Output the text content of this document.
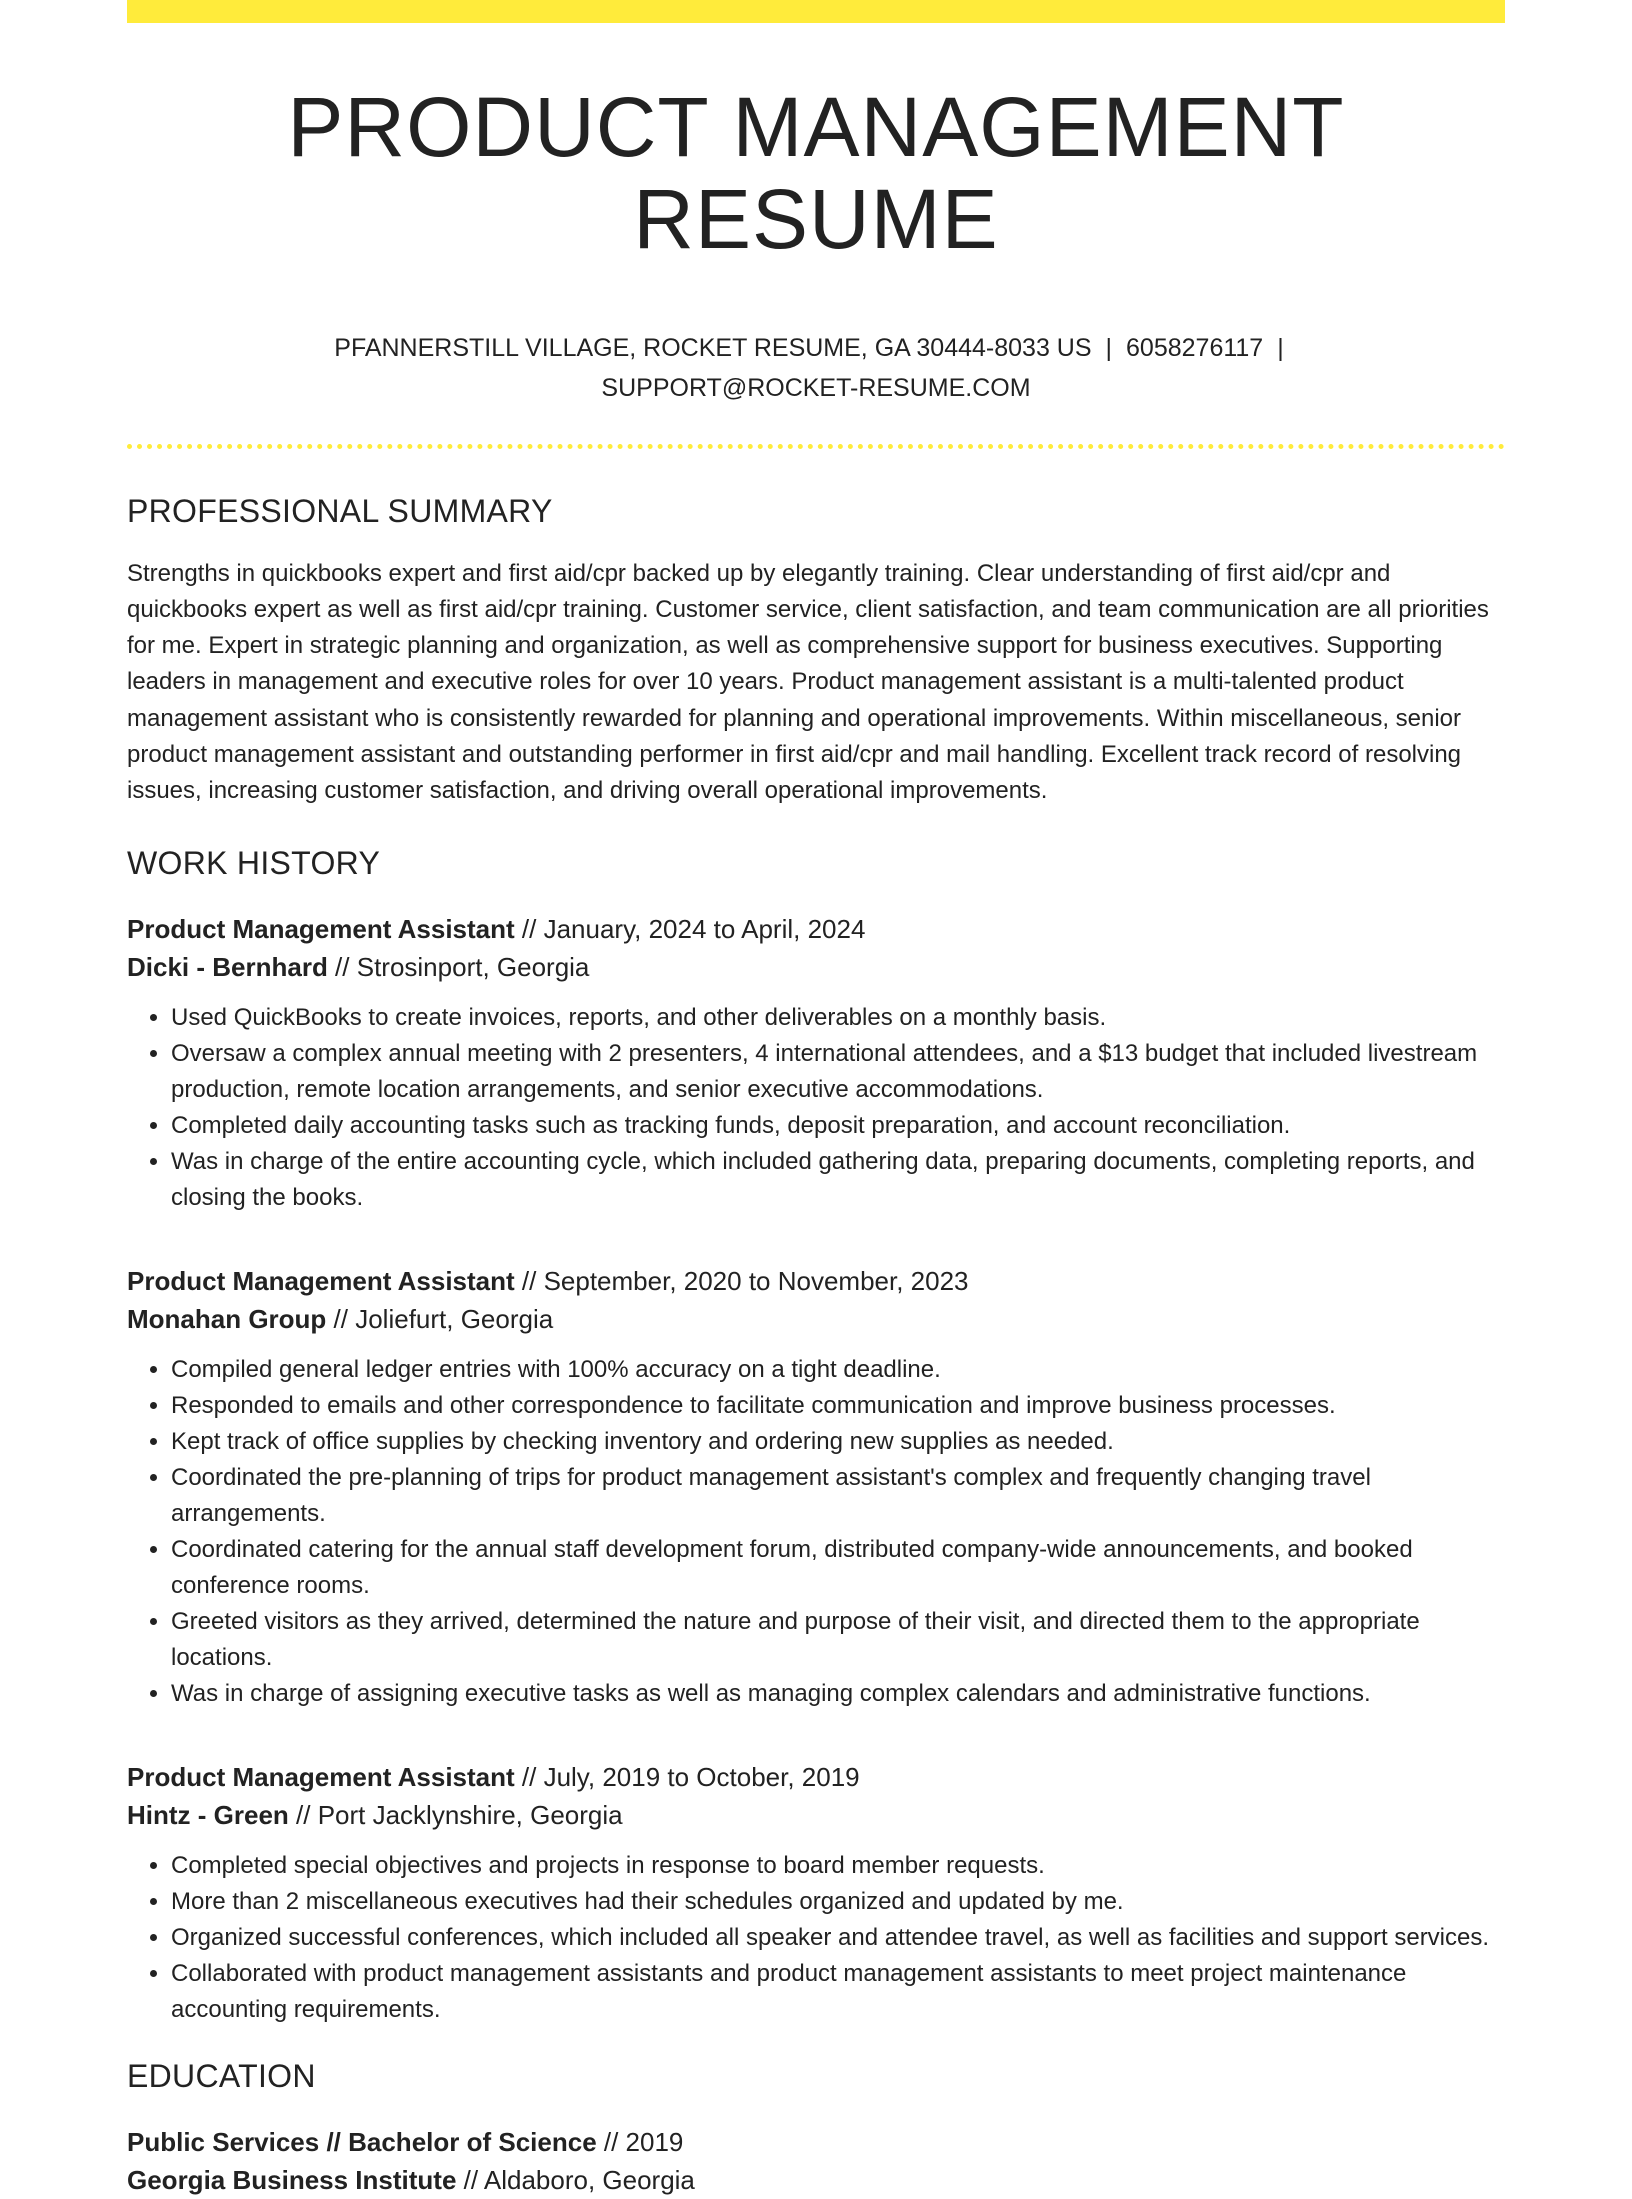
PRODUCT MANAGEMENT RESUME
PFANNERSTILL VILLAGE, ROCKET RESUME, GA 30444-8033 US | 6058276117 |
SUPPORT@ROCKET-RESUME.COM
PROFESSIONAL SUMMARY

Strengths in quickbooks expert and first aid/cpr backed up by elegantly training. Clear understanding of first aid/cpr and quickbooks expert as well as first aid/cpr training. Customer service, client satisfaction, and team communication are all priorities for me. Expert in strategic planning and organization, as well as comprehensive support for business executives. Supporting leaders in management and executive roles for over 10 years. Product management assistant is a multi-talented product management assistant who is consistently rewarded for planning and operational improvements. Within miscellaneous, senior product management assistant and outstanding performer in first aid/cpr and mail handling. Excellent track record of resolving issues, increasing customer satisfaction, and driving overall operational improvements.

WORK HISTORY

Product Management Assistant // January, 2024 to April, 2024

Dicki - Bernhard // Strosinport, Georgia

• Used QuickBooks to create invoices, reports, and other deliverables on a monthly basis.
• Oversaw a complex annual meeting with 2 presenters, 4 international attendees, and a $13 budget that included livestream production, remote location arrangements, and senior executive accommodations.
• Completed daily accounting tasks such as tracking funds, deposit preparation, and account reconciliation.
• Was in charge of the entire accounting cycle, which included gathering data, preparing documents, completing reports, and closing the books.

Product Management Assistant // September, 2020 to November, 2023

Monahan Group // Joliefurt, Georgia

• Compiled general ledger entries with 100% accuracy on a tight deadline.
• Responded to emails and other correspondence to facilitate communication and improve business processes.
• Kept track of office supplies by checking inventory and ordering new supplies as needed.
• Coordinated the pre-planning of trips for product management assistant's complex and frequently changing travel arrangements.
• Coordinated catering for the annual staff development forum, distributed company-wide announcements, and booked conference rooms.
• Greeted visitors as they arrived, determined the nature and purpose of their visit, and directed them to the appropriate locations.
• Was in charge of assigning executive tasks as well as managing complex calendars and administrative functions.

Product Management Assistant // July, 2019 to October, 2019

Hintz - Green // Port Jacklynshire, Georgia

• Completed special objectives and projects in response to board member requests.
• More than 2 miscellaneous executives had their schedules organized and updated by me.
• Organized successful conferences, which included all speaker and attendee travel, as well as facilities and support services.
• Collaborated with product management assistants and product management assistants to meet project maintenance accounting requirements.
EDUCATION

Public Services // Bachelor of Science // 2019

Georgia Business Institute // Aldaboro, Georgia
